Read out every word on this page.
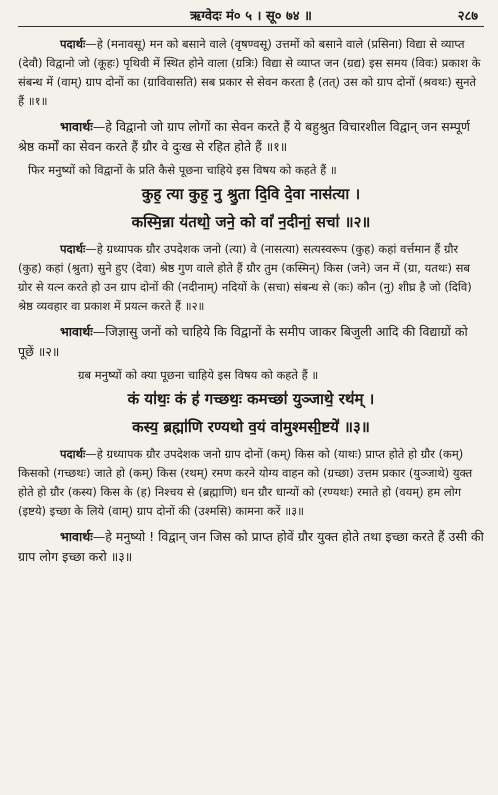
ऋग्वेदः मं० ५ । सू० ७४ ॥	२८७

पदार्थः—हे (मनावसू) मन को बसाने वाले (वृषण्वसू) उत्तमों को बसाने वाले (प्रसिना) विद्या से व्याप्त (देवौ) विद्वानो जो (कूहः) पृथिवी में स्थित होने वाला (ग्रत्रिः) विद्या से व्याप्त जन (ग्रद्य) इस समय (विवः) प्रकाश के संबन्ध में (वाम्) ग्राप दोनों का (ग्राविवासति) सब प्रकार से सेवन करता है (तत्) उस को ग्राप दोनों (श्रवथः) सुनते हैं ॥१॥

भावार्थः—हे विद्वानो जो ग्राप लोगों का सेवन करते हैं ये बहुश्रुत विचारशील विद्वान् जन सम्पूर्ण श्रेष्ठ कर्मों का सेवन करते हैं ग्रौर वे दुःख से रहित होते हैं ॥१॥

फिर मनुष्यों को विद्वानों के प्रति कैसे पूछना चाहिये इस विषय को कहते हैं ॥

कुह॒ त्या कुह॒ नु श्रु॒ता दि॒वि दे॒वा नास॑त्या ।

कस्मि॒न्ना य॑तथो॒ जने॒ को वां॑ न॒दीनां॒ सचा॑ ॥२॥

पदार्थः—हे ग्रध्यापक ग्रौर उपदेशक जनो (त्या) वे (नासत्या) सत्यस्वरूप (कुह) कहां वर्त्तमान हैं ग्रौर (कुह) कहां (श्रुता) सुने हुए (देवा) श्रेष्ठ गुण वाले होते हैं ग्रौर तुम (कस्मिन्) किस (जने) जन में (ग्रा, यतथः) सब ग्रोर से यत्न करते हो उन ग्राप दोनों की (नदीनाम्) नदियों के (सचा) संबन्ध से (कः) कौन (नु) शीघ्र है जो (दिवि) श्रेष्ठ व्यवहार वा प्रकाश में प्रयत्न करते हैं ॥२॥

भावार्थः—जिज्ञासु जनों को चाहिये कि विद्वानों के समीप जाकर बिजुली आदि की विद्याग्रों को पूछें ॥२॥

ग्रब मनुष्यों को क्या पूछना चाहिये इस विषय को कहते हैं ॥

कं या॑थः॒ कं ह॑ गच्छथः॒ कमच्छा॑ युञ्जाथे॒ रथ॑म् ।

कस्य॒ ब्रह्मा॑णि रण्यथो व॒यं वा॑मुश्मसी॒ष्टये॑ ॥३॥

पदार्थः—हे ग्रध्यापक ग्रौर उपदेशक जनो ग्राप दोनों (कम्) किस को (याथः) प्राप्त होते हो ग्रौर (कम्) किसको (गच्छथः) जाते हो (कम्) किस (रथम्) रमण करने योग्य वाहन को (ग्रच्छा) उत्तम प्रकार (युञ्जाथे) युक्त होते हो ग्रौर (कस्य) किस के (ह) निश्चय से (ब्रह्माणि) धन ग्रौर धान्यों को (रण्यथः) रमाते हो (वयम्) हम लोग (इष्टये) इच्छा के लिये (वाम्) ग्राप दोनों की (उश्मसि) कामना करें ॥३॥

भावार्थः—हे मनुष्यो ! विद्वान् जन जिस को प्राप्त होवें ग्रौर युक्त होते तथा इच्छा करते हैं उसी की ग्राप लोग इच्छा करो ॥३॥
